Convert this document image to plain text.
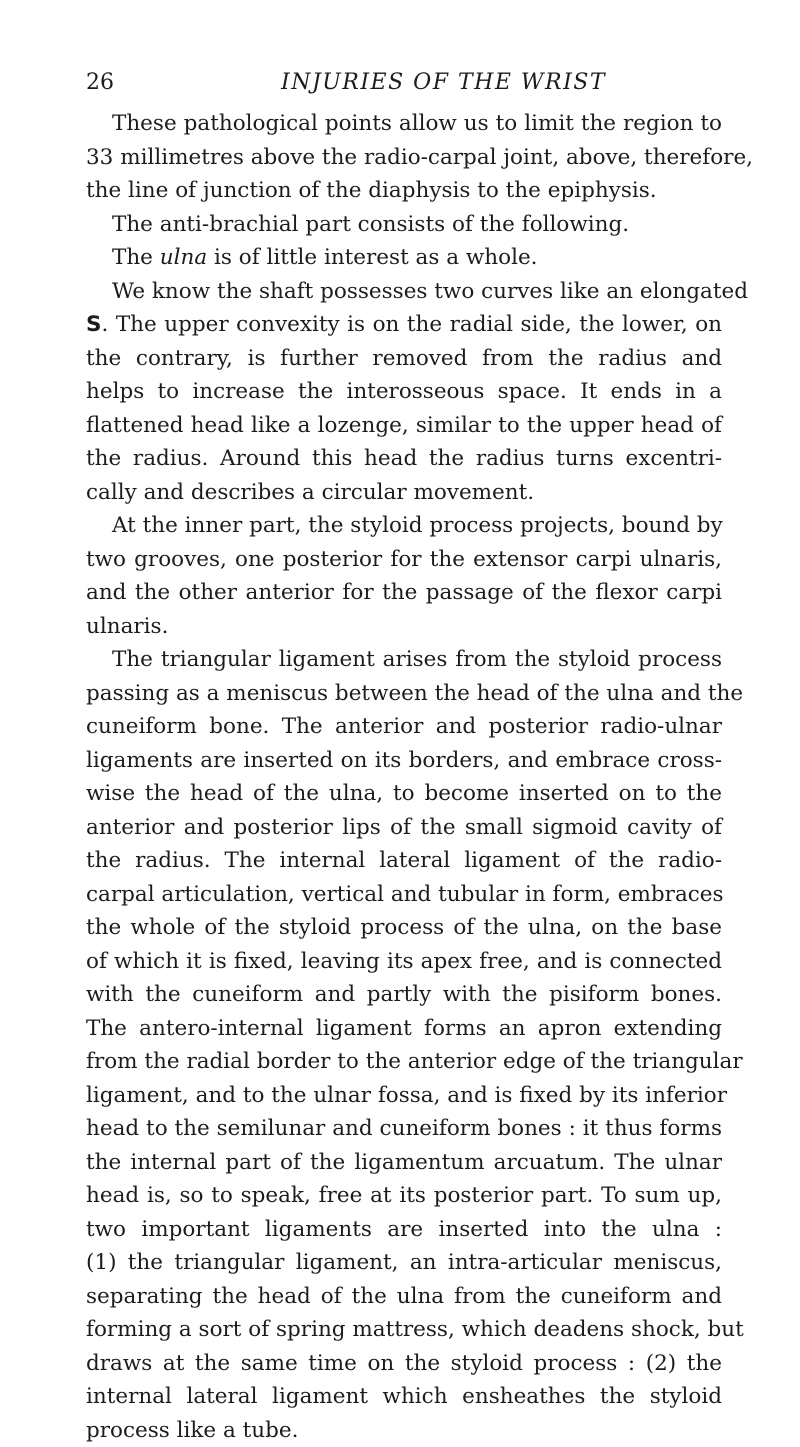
26	INJURIES OF THE WRIST
These pathological points allow us to limit the region to
33 millimetres above the radio-carpal joint, above, therefore,
the line of junction of the diaphysis to the epiphysis.
The anti-brachial part consists of the following.
The ulna is of little interest as a whole.
We know the shaft possesses two curves like an elongated
S. The upper convexity is on the radial side, the lower, on
the contrary, is further removed from the radius and
helps to increase the interosseous space. It ends in a
flattened head like a lozenge, similar to the upper head of
the radius. Around this head the radius turns excentri-
cally and describes a circular movement.
At the inner part, the styloid process projects, bound by
two grooves, one posterior for the extensor carpi ulnaris,
and the other anterior for the passage of the flexor carpi
ulnaris.
The triangular ligament arises from the styloid process
passing as a meniscus between the head of the ulna and the
cuneiform bone. The anterior and posterior radio-ulnar
ligaments are inserted on its borders, and embrace cross-
wise the head of the ulna, to become inserted on to the
anterior and posterior lips of the small sigmoid cavity of
the radius. The internal lateral ligament of the radio-
carpal articulation, vertical and tubular in form, embraces
the whole of the styloid process of the ulna, on the base
of which it is fixed, leaving its apex free, and is connected
with the cuneiform and partly with the pisiform bones.
The antero-internal ligament forms an apron extending
from the radial border to the anterior edge of the triangular
ligament, and to the ulnar fossa, and is fixed by its inferior
head to the semilunar and cuneiform bones : it thus forms
the internal part of the ligamentum arcuatum. The ulnar
head is, so to speak, free at its posterior part. To sum up,
two important ligaments are inserted into the ulna :
(1) the triangular ligament, an intra-articular meniscus,
separating the head of the ulna from the cuneiform and
forming a sort of spring mattress, which deadens shock, but
draws at the same time on the styloid process : (2) the
internal lateral ligament which ensheathes the styloid
process like a tube.
